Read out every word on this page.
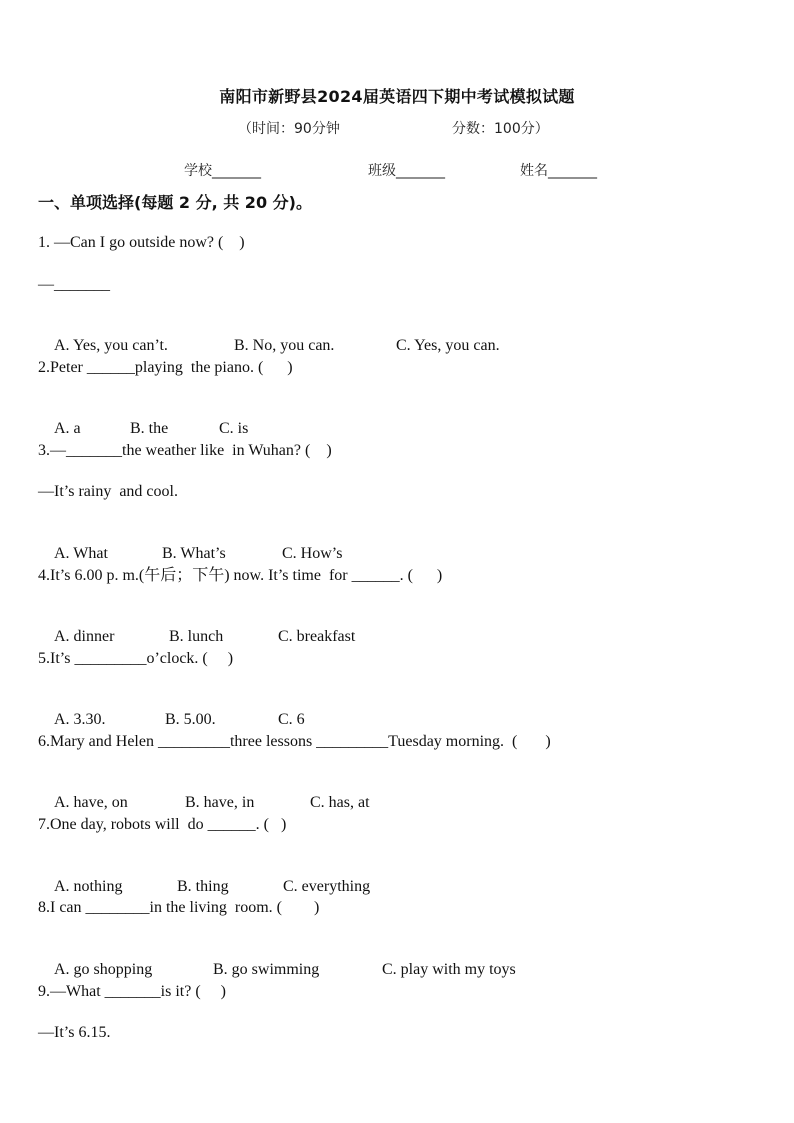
南阳市新野县2024届英语四下期中考试模拟试题
（时间：90分钟	分数：100分）
学校_______	班级_______	姓名_______
一、单项选择(每题 2 分, 共 20 分)。
1. —Can I go outside now? (    )
—_______

A. Yes, you can’t.	B. No, you can.	C. Yes, you can.

2.Peter ______playing  the piano. (      )

A. a	B. the	C. is

3.—_______the weather like  in Wuhan? (    )
—It’s rainy  and cool.

A. What	B. What’s	C. How’s

4.It’s 6.00 p. m.(午后；下午) now. It’s time  for ______. (      )

A. dinner	B. lunch	C. breakfast

5.It’s _________o’clock. (     )

A. 3.30.	B. 5.00.	C. 6

6.Mary and Helen _________three lessons _________Tuesday morning.  (       )

A. have, on	B. have, in	C. has, at

7.One day, robots will  do ______. (   )

A. nothing	B. thing	C. everything

8.I can ________in the living  room. (        )

A. go shopping	B. go swimming	C. play with my toys

9.—What _______is it? (     )
—It’s 6.15.
